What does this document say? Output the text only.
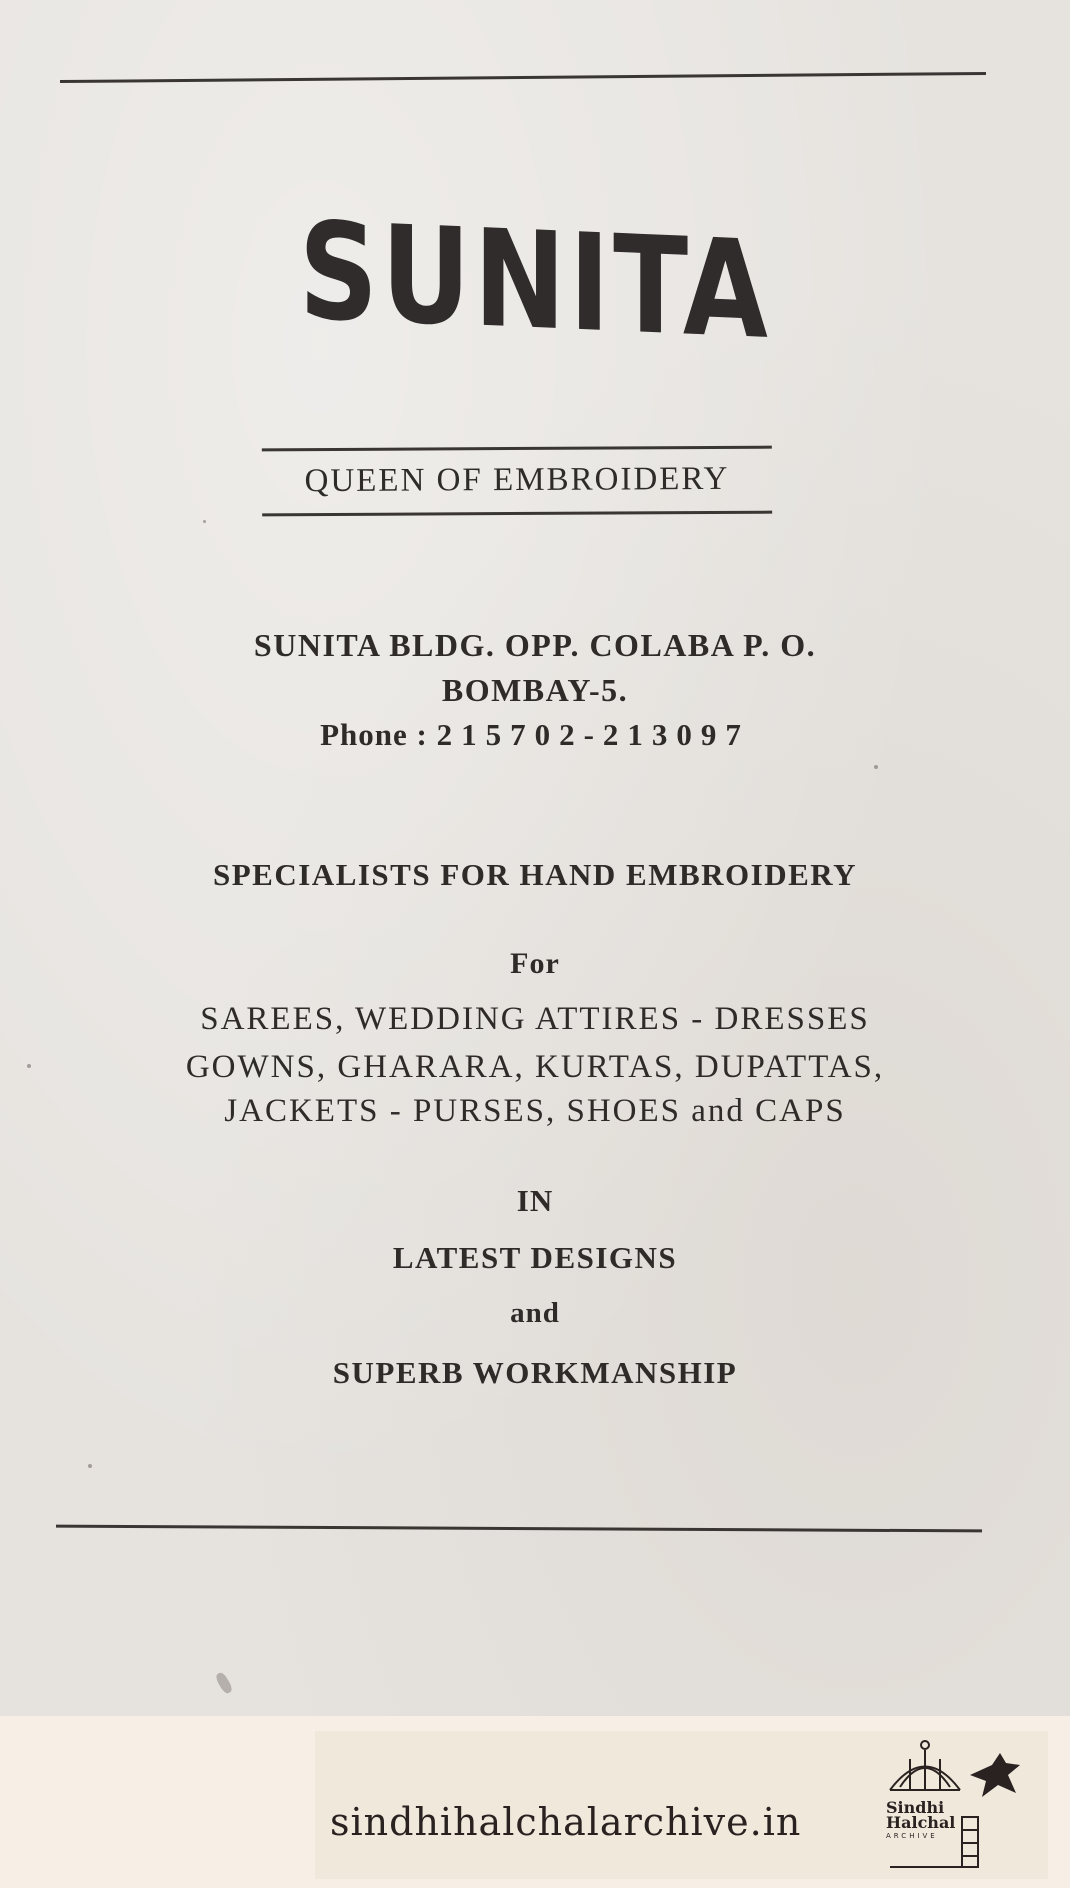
SUNITA
QUEEN OF EMBROIDERY
SUNITA BLDG. OPP. COLABA P. O.
BOMBAY-5.
Phone : 215702-213097
SPECIALISTS FOR HAND EMBROIDERY
For
SAREES, WEDDING ATTIRES - DRESSES
GOWNS, GHARARA, KURTAS, DUPATTAS,
JACKETS - PURSES, SHOES and CAPS
IN
LATEST DESIGNS
and
SUPERB WORKMANSHIP
sindhihalchalarchive.in	Sindhi
Halchal
ARCHIVE
